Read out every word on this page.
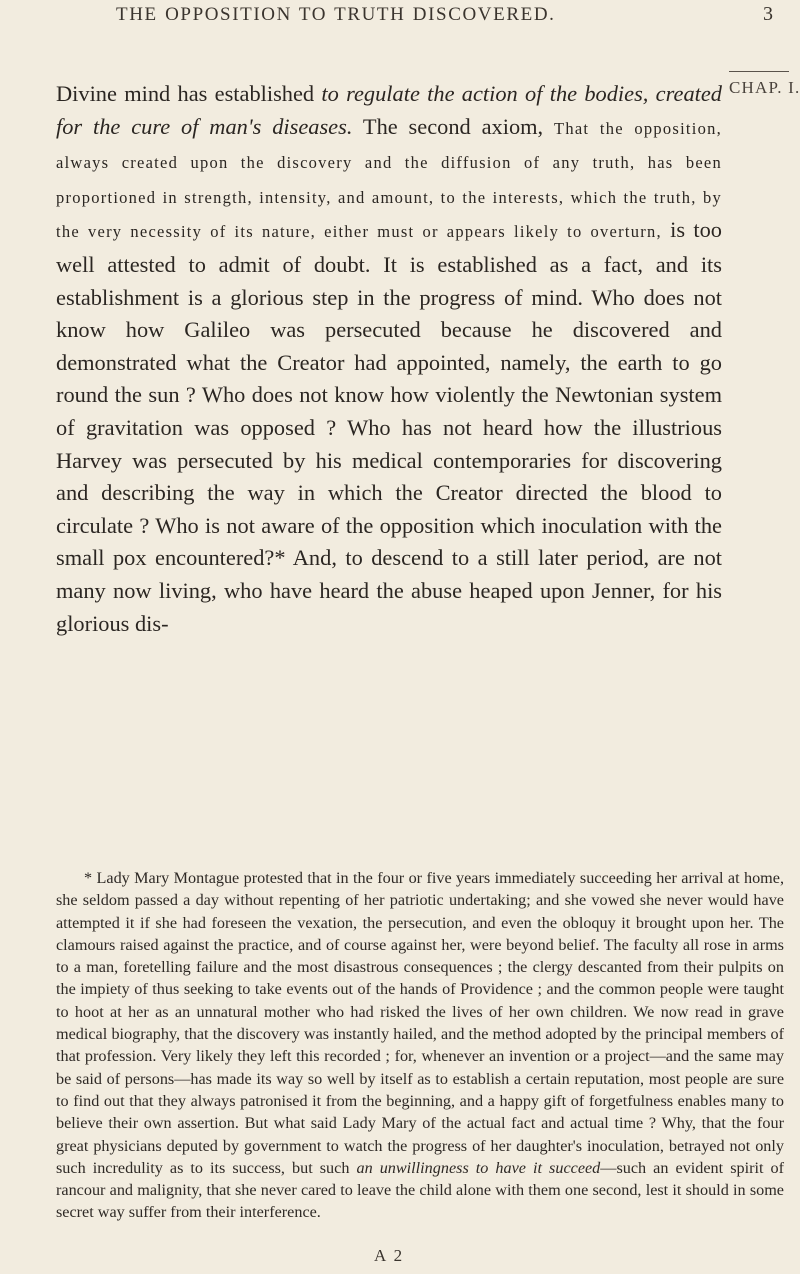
THE OPPOSITION TO TRUTH DISCOVERED.	3
CHAP. I.

Divine mind has established to regulate the action of the bodies, created for the cure of man's diseases. The second axiom, That the opposition, always created upon the discovery and the diffusion of any truth, has been proportioned in strength, intensity, and amount, to the interests, which the truth, by the very necessity of its nature, either must or appears likely to overturn, is too well attested to admit of doubt. It is established as a fact, and its establishment is a glorious step in the progress of mind. Who does not know how Galileo was persecuted because he discovered and demonstrated what the Creator had appointed, namely, the earth to go round the sun ? Who does not know how violently the Newtonian system of gravitation was opposed ? Who has not heard how the illustrious Harvey was persecuted by his medical contemporaries for discovering and describing the way in which the Creator directed the blood to circulate ? Who is not aware of the opposition which inoculation with the small pox encountered?* And, to descend to a still later period, are not many now living, who have heard the abuse heaped upon Jenner, for his glorious dis-

* Lady Mary Montague protested that in the four or five years immediately succeeding her arrival at home, she seldom passed a day without repenting of her patriotic undertaking; and she vowed she never would have attempted it if she had foreseen the vexation, the persecution, and even the obloquy it brought upon her. The clamours raised against the practice, and of course against her, were beyond belief. The faculty all rose in arms to a man, foretelling failure and the most disastrous consequences ; the clergy descanted from their pulpits on the impiety of thus seeking to take events out of the hands of Providence ; and the common people were taught to hoot at her as an unnatural mother who had risked the lives of her own children. We now read in grave medical biography, that the discovery was instantly hailed, and the method adopted by the principal members of that profession. Very likely they left this recorded ; for, whenever an invention or a project—and the same may be said of persons—has made its way so well by itself as to establish a certain reputation, most people are sure to find out that they always patronised it from the beginning, and a happy gift of forgetfulness enables many to believe their own assertion. But what said Lady Mary of the actual fact and actual time ? Why, that the four great physicians deputed by government to watch the progress of her daughter's inoculation, betrayed not only such incredulity as to its success, but such an unwillingness to have it succeed—such an evident spirit of rancour and malignity, that she never cared to leave the child alone with them one second, lest it should in some secret way suffer from their interference.

A 2
